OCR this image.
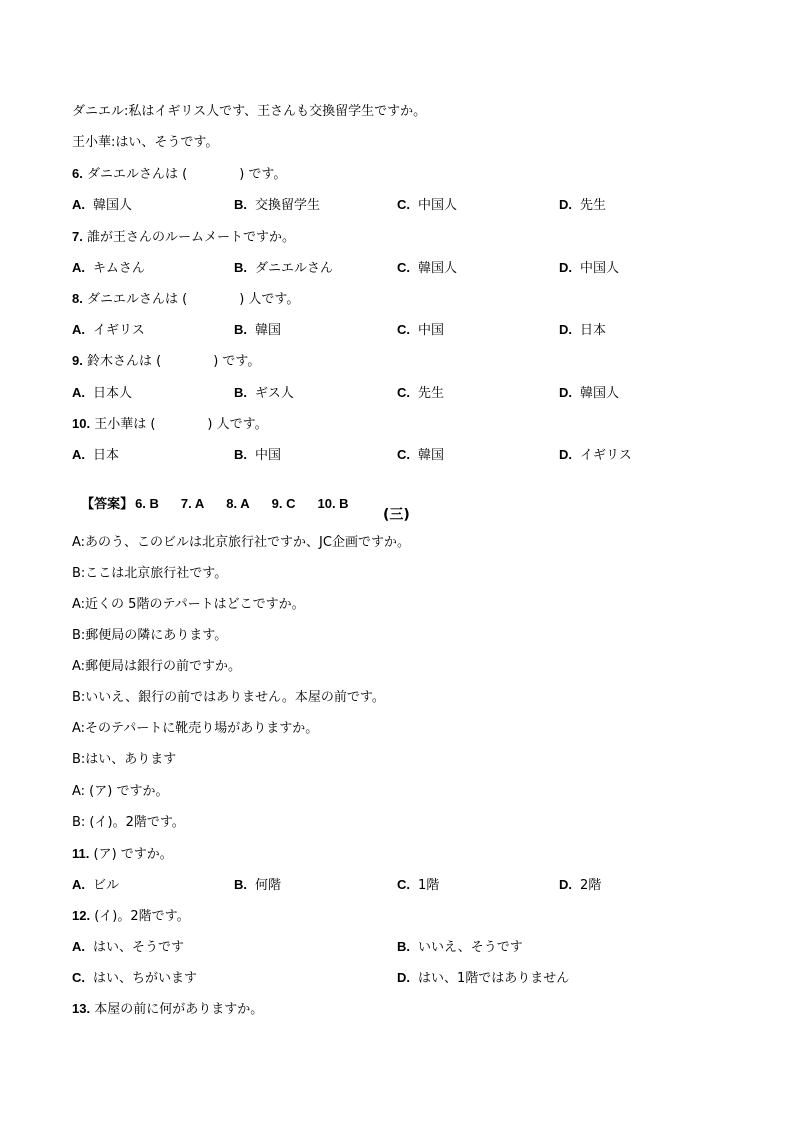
ダニエル:私はイギリス人です、王さんも交換留学生ですか。
王小華:はい、そうです。
6. ダニエルさんは (　　　　) です。
A. 韓国人	B. 交換留学生	C. 中国人	D. 先生
7. 誰が王さんのルームメートですか。
A. キムさん	B. ダニエルさん	C. 韓国人	D. 中国人
8. ダニエルさんは (　　　　) 人です。
A. イギリス	B. 韓国	C. 中国	D. 日本
9. 鈴木さんは (　　　　) です。
A. 日本人	B. ギス人	C. 先生	D. 韓国人
10. 王小華は (　　　　) 人です。
A. 日本	B. 中国	C. 韓国	D. イギリス

【答案】 6. B 7. A 8. A 9. C 10. B

(三)
A:あのう、このビルは北京旅行社ですか、JC企画ですか。
B:ここは北京旅行社です。
A:近くの 5階のテパートはどこですか。
B:郵便局の隣にあります。
A:郵便局は銀行の前ですか。
B:いいえ、銀行の前ではありません。本屋の前です。
A:そのテパートに靴売り場がありますか。
B:はい、あります
A: (ア) ですか。
B: (イ)。2階です。
11. (ア) ですか。
A. ビル	B. 何階	C. 1階	D. 2階
12. (イ)。2階です。
A. はい、そうです	B. いいえ、そうです
C. はい、ちがいます	D. はい、1階ではありません
13. 本屋の前に何がありますか。
